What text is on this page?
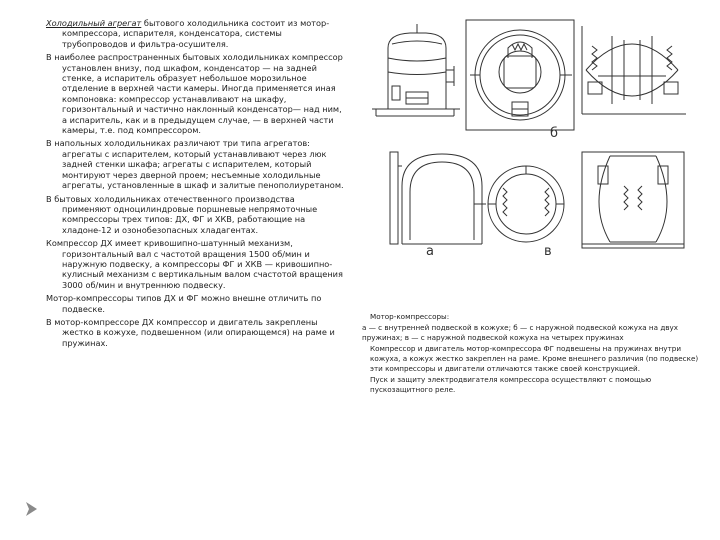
Холодильный агрегат бытового холодильника состоит из мотор-компрессора, испарителя, конденсатора, системы трубопроводов и фильтра-осушителя.

В наиболее распространенных бытовых холодильниках компрессор установлен внизу, под шкафом, конденсатор — на задней стенке, а испаритель образует небольшое морозильное отделение в верхней части камеры. Иногда применяется иная компоновка: компрессор устанавливают на шкафу, горизонтальный и частично наклонный конденсатор— над ним, а испаритель, как и в предыдущем случае, — в верхней части камеры, т.е. под компрессором.

В напольных холодильниках различают три типа агрегатов: агрегаты с испарителем, который устанавливают через люк задней стенки шкафа; агрегаты с испарителем, который монтируют через дверной проем; несъемные холодильные агрегаты, установленные в шкаф и залитые пенополиуретаном.

В бытовых холодильниках отечественного производства применяют одноцилиндровые поршневые непрямоточные компрессоры трех типов: ДХ, ФГ и ХКВ, работающие на хладоне-12 и озонобезопасных хладагентах.

Компрессор ДХ имеет кривошипно-шатунный механизм, горизонтальный вал с частотой вращения 1500 об/мин и наружную подвеску, а компрессоры ФГ и ХКВ — кривошипно-кулисный механизм с вертикальным валом счастотой вращения 3000 об/мин и внутреннюю подвеску.

Мотор-компрессоры типов ДХ и ФГ можно внешне отличить по подвеске.

В мотор-компрессоре ДХ компрессор и двигатель закреплены жестко в кожухе, подвешенном (или опирающемся) на раме и пружинах.

б
а	в

Мотор-компрессоры:

а — с внутренней подвеской в кожухе; б — с наружной подвеской кожуха на двух пружинах; в — с наружной подвеской кожуха на четырех пружинах

Компрессор и двигатель мотор-компрессора ФГ подвешены на пружинах внутри кожуха, а кожух жестко закреплен на раме. Кроме внешнего различия (по подвеске) эти компрессоры и двигатели отличаются также своей конструкцией.

Пуск и защиту электродвигателя компрессора осуществляют с помощью пускозащитного реле.
